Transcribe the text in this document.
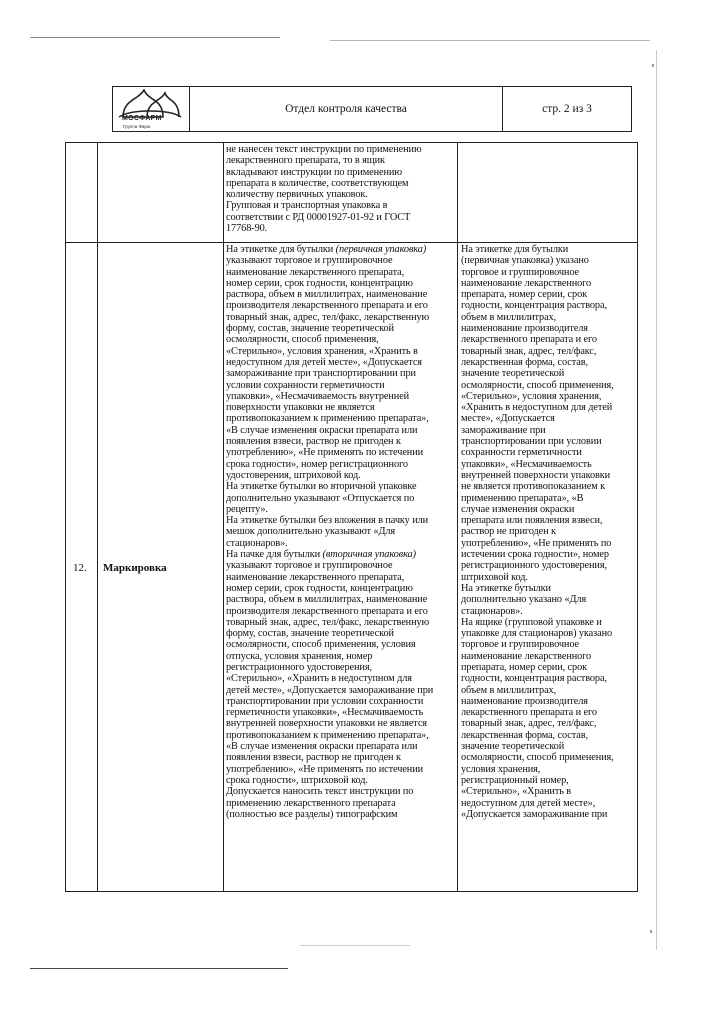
МОСФАРМ
Группа Фарм
Отдел контроля качества	стр. 2 из 3
не нанесен текст инструкции по применению
лекарственного препарата, то в ящик
вкладывают инструкции по применению
препарата в количестве, соответствующем
количеству первичных упаковок.
Групповая и транспортная упаковка в
соответствии с РД 00001927-01-92 и ГОСТ
17768-90.
12. Маркировка
На этикетке для бутылки (первичная упаковка)
указывают торговое и группировочное
наименование лекарственного препарата,
номер серии, срок годности, концентрацию
раствора, объем в миллилитрах, наименование
производителя лекарственного препарата и его
товарный знак, адрес, тел/факс, лекарственную
форму, состав, значение теоретической
осмолярности, способ применения,
«Стерильно», условия хранения, «Хранить в
недоступном для детей месте», «Допускается
замораживание при транспортировании при
условии сохранности герметичности
упаковки», «Несмачиваемость внутренней
поверхности упаковки не является
противопоказанием к применению препарата»,
«В случае изменения окраски препарата или
появления взвеси, раствор не пригоден к
употреблению», «Не применять по истечении
срока годности», номер регистрационного
удостоверения, штриховой код.
На этикетке бутылки во вторичной упаковке
дополнительно указывают «Отпускается по
рецепту».
На этикетке бутылки без вложения в пачку или
мешок дополнительно указывают «Для
стационаров».
На пачке для бутылки (вторичная упаковка)
указывают торговое и группировочное
наименование лекарственного препарата,
номер серии, срок годности, концентрацию
раствора, объем в миллилитрах, наименование
производителя лекарственного препарата и его
товарный знак, адрес, тел/факс, лекарственную
форму, состав, значение теоретической
осмолярности, способ применения, условия
отпуска, условия хранения, номер
регистрационного удостоверения,
«Стерильно», «Хранить в недоступном для
детей месте», «Допускается замораживание при
транспортировании при условии сохранности
герметичности упаковки», «Несмачиваемость
внутренней поверхности упаковки не является
противопоказанием к применению препарата»,
«В случае изменения окраски препарата или
появления взвеси, раствор не пригоден к
употреблению», «Не применять по истечении
срока годности», штриховой код.
Допускается наносить текст инструкции по
применению лекарственного препарата
(полностью все разделы) типографским
На этикетке для бутылки
(первичная упаковка) указано
торговое и группировочное
наименование лекарственного
препарата, номер серии, срок
годности, концентрация раствора,
объем в миллилитрах,
наименование производителя
лекарственного препарата и его
товарный знак, адрес, тел/факс,
лекарственная форма, состав,
значение теоретической
осмолярности, способ применения,
«Стерильно», условия хранения,
«Хранить в недоступном для детей
месте», «Допускается
замораживание при
транспортировании при условии
сохранности герметичности
упаковки», «Несмачиваемость
внутренней поверхности упаковки
не является противопоказанием к
применению препарата», «В
случае изменения окраски
препарата или появления взвеси,
раствор не пригоден к
употреблению», «Не применять по
истечении срока годности», номер
регистрационного удостоверения,
штриховой код.
На этикетке бутылки
дополнительно указано «Для
стационаров».
На ящике (групповой упаковке и
упаковке для стационаров) указано
торговое и группировочное
наименование лекарственного
препарата, номер серии, срок
годности, концентрация раствора,
объем в миллилитрах,
наименование производителя
лекарственного препарата и его
товарный знак, адрес, тел/факс,
лекарственная форма, состав,
значение теоретической
осмолярности, способ применения,
условия хранения,
регистрационный номер,
«Стерильно», «Хранить в
недоступном для детей месте»,
«Допускается замораживание при
